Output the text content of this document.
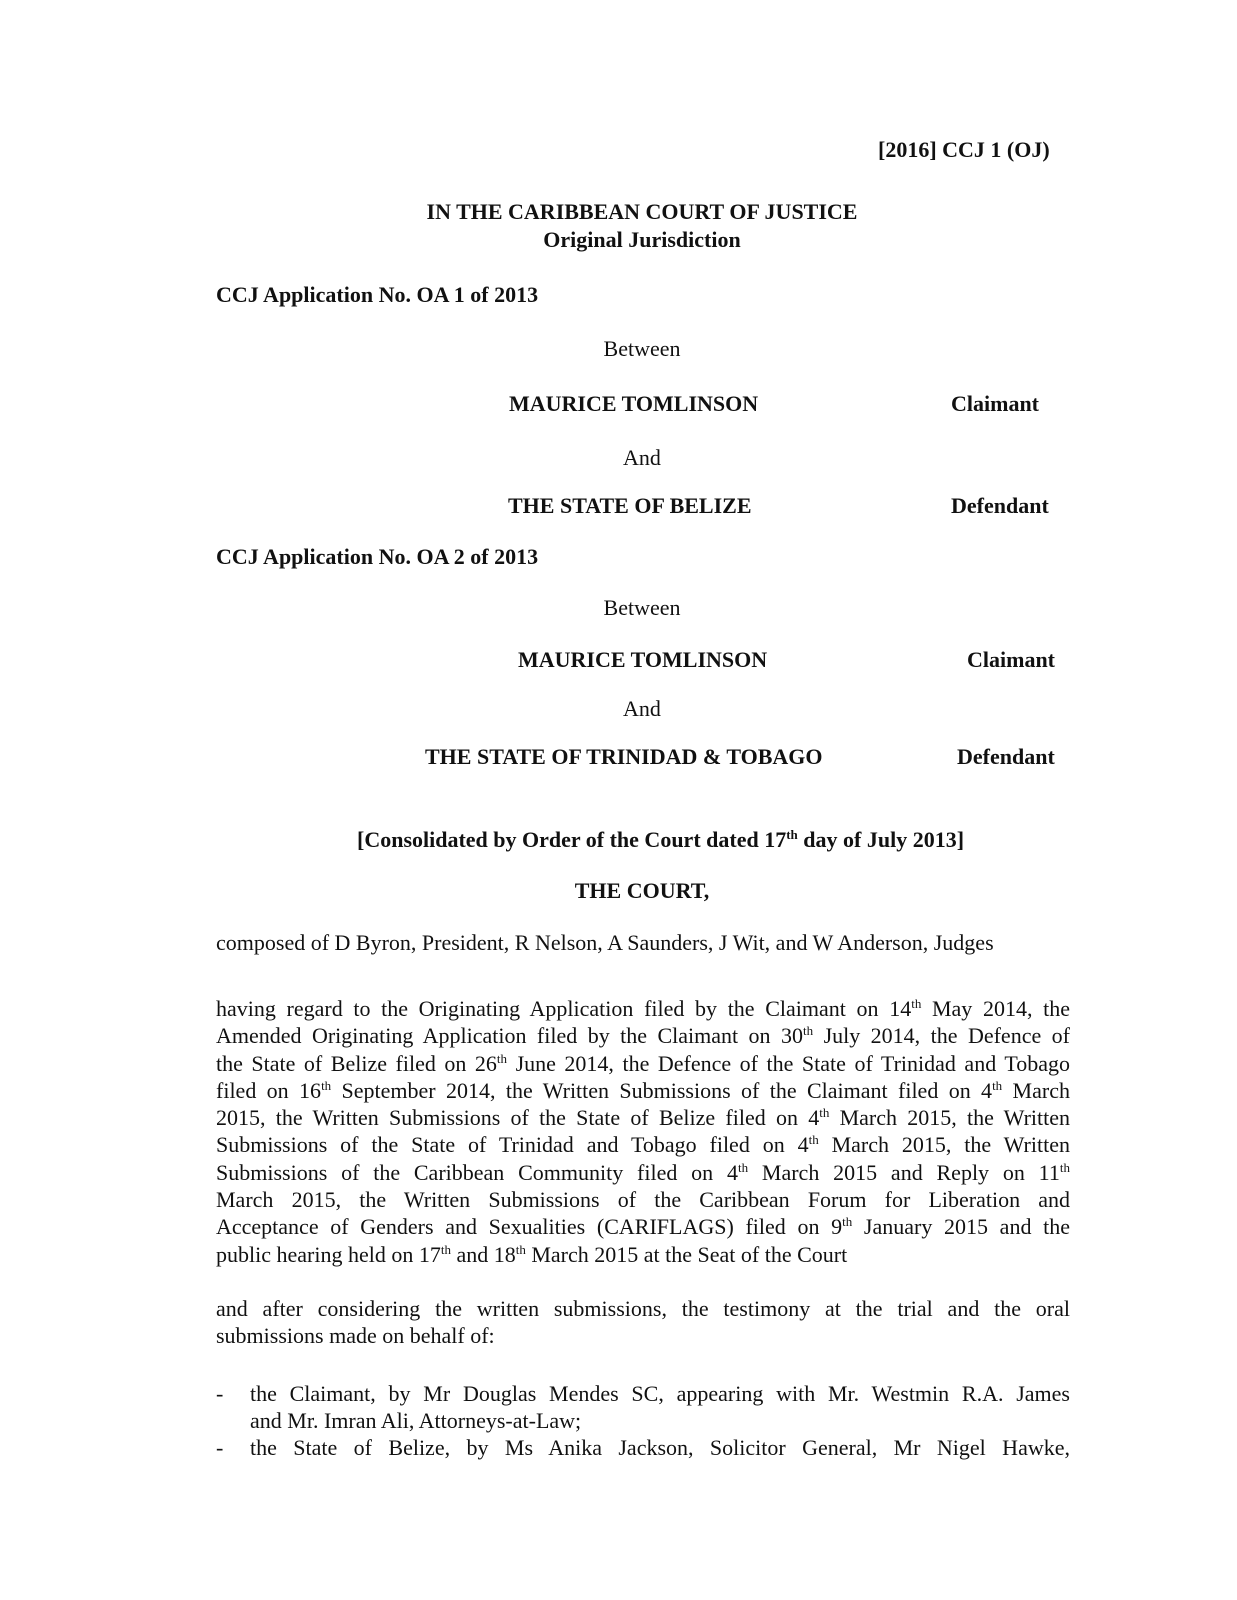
[2016] CCJ 1 (OJ)
IN THE CARIBBEAN COURT OF JUSTICE
Original Jurisdiction
CCJ Application No. OA 1 of 2013
Between
MAURICE TOMLINSON	Claimant
And
THE STATE OF BELIZE	Defendant
CCJ Application No. OA 2 of 2013
Between
MAURICE TOMLINSON	Claimant
And
THE STATE OF TRINIDAD & TOBAGO	Defendant
[Consolidated by Order of the Court dated 17th day of July 2013]
THE COURT,
composed of D Byron, President, R Nelson, A Saunders, J Wit, and W Anderson, Judges
having regard to the Originating Application filed by the Claimant on 14th May 2014, the
Amended Originating Application filed by the Claimant on 30th July 2014, the Defence of
the State of Belize filed on 26th June 2014, the Defence of the State of Trinidad and Tobago
filed on 16th September 2014, the Written Submissions of the Claimant filed on 4th March
2015, the Written Submissions of the State of Belize filed on 4th March 2015, the Written
Submissions of the State of Trinidad and Tobago filed on 4th March 2015, the Written
Submissions of the Caribbean Community filed on 4th March 2015 and Reply on 11th
March 2015, the Written Submissions of the Caribbean Forum for Liberation and
Acceptance of Genders and Sexualities (CARIFLAGS) filed on 9th January 2015 and the
public hearing held on 17th and 18th March 2015 at the Seat of the Court
and after considering the written submissions, the testimony at the trial and the oral
submissions made on behalf of:
- the Claimant, by Mr Douglas Mendes SC, appearing with Mr. Westmin R.A. James
and Mr. Imran Ali, Attorneys-at-Law;
- the State of Belize, by Ms Anika Jackson, Solicitor General, Mr Nigel Hawke,
